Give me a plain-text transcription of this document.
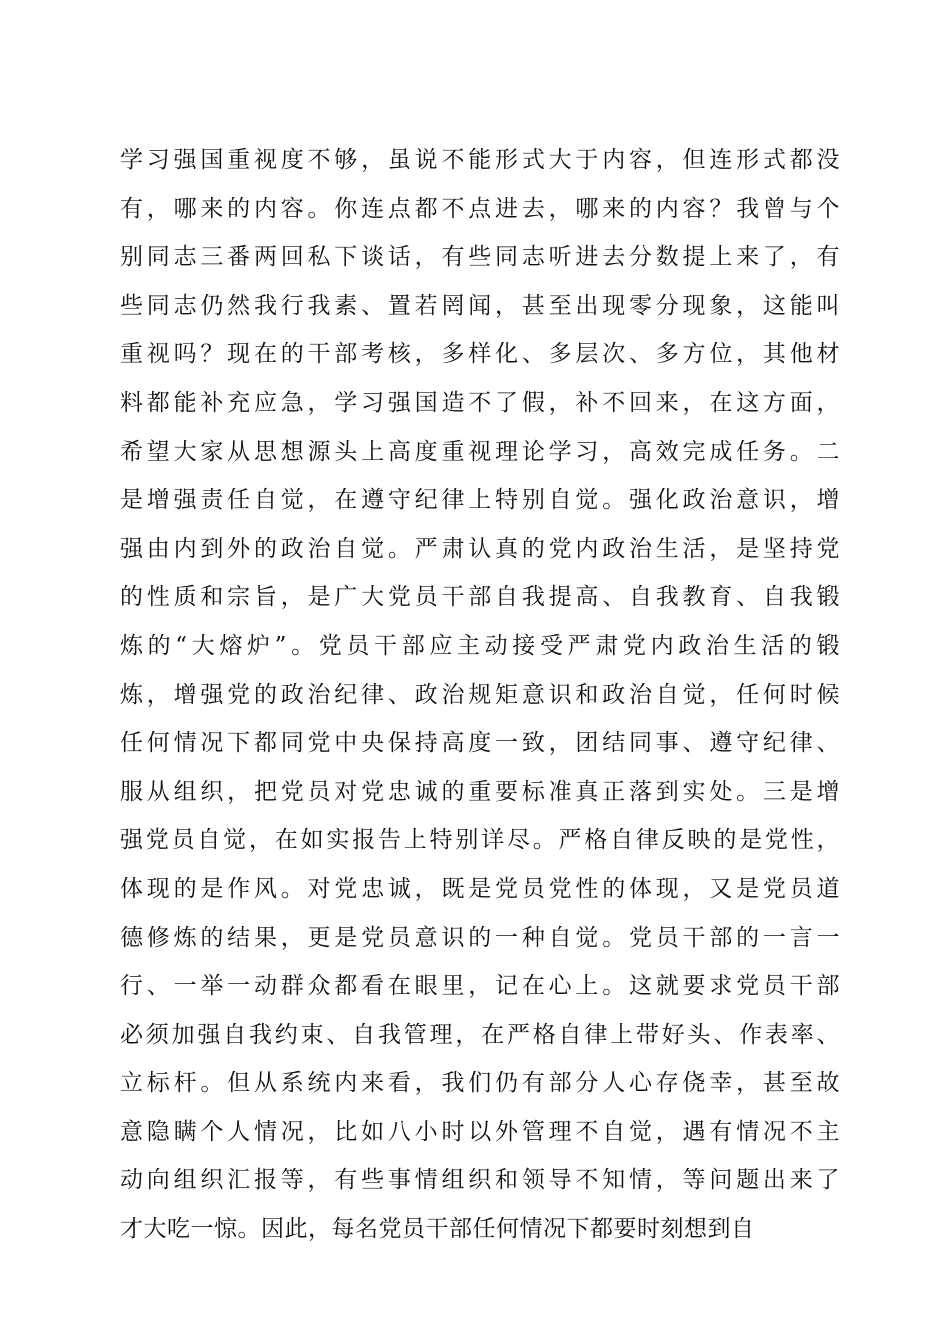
学习强国重视度不够，虽说不能形式大于内容，但连形式都没
有，哪来的内容。你连点都不点进去，哪来的内容？我曾与个
别同志三番两回私下谈话，有些同志听进去分数提上来了，有
些同志仍然我行我素、置若罔闻，甚至出现零分现象，这能叫
重视吗？现在的干部考核，多样化、多层次、多方位，其他材
料都能补充应急，学习强国造不了假，补不回来，在这方面，
希望大家从思想源头上高度重视理论学习，高效完成任务。二
是增强责任自觉，在遵守纪律上特别自觉。强化政治意识，增
强由内到外的政治自觉。严肃认真的党内政治生活，是坚持党
的性质和宗旨，是广大党员干部自我提高、自我教育、自我锻
炼的“大熔炉”。党员干部应主动接受严肃党内政治生活的锻
炼，增强党的政治纪律、政治规矩意识和政治自觉，任何时候
任何情况下都同党中央保持高度一致，团结同事、遵守纪律、
服从组织，把党员对党忠诚的重要标准真正落到实处。三是增
强党员自觉，在如实报告上特别详尽。严格自律反映的是党性，
体现的是作风。对党忠诚，既是党员党性的体现，又是党员道
德修炼的结果，更是党员意识的一种自觉。党员干部的一言一
行、一举一动群众都看在眼里，记在心上。这就要求党员干部
必须加强自我约束、自我管理，在严格自律上带好头、作表率、
立标杆。但从系统内来看，我们仍有部分人心存侥幸，甚至故
意隐瞒个人情况，比如八小时以外管理不自觉，遇有情况不主
动向组织汇报等，有些事情组织和领导不知情，等问题出来了
才大吃一惊。因此，每名党员干部任何情况下都要时刻想到自
